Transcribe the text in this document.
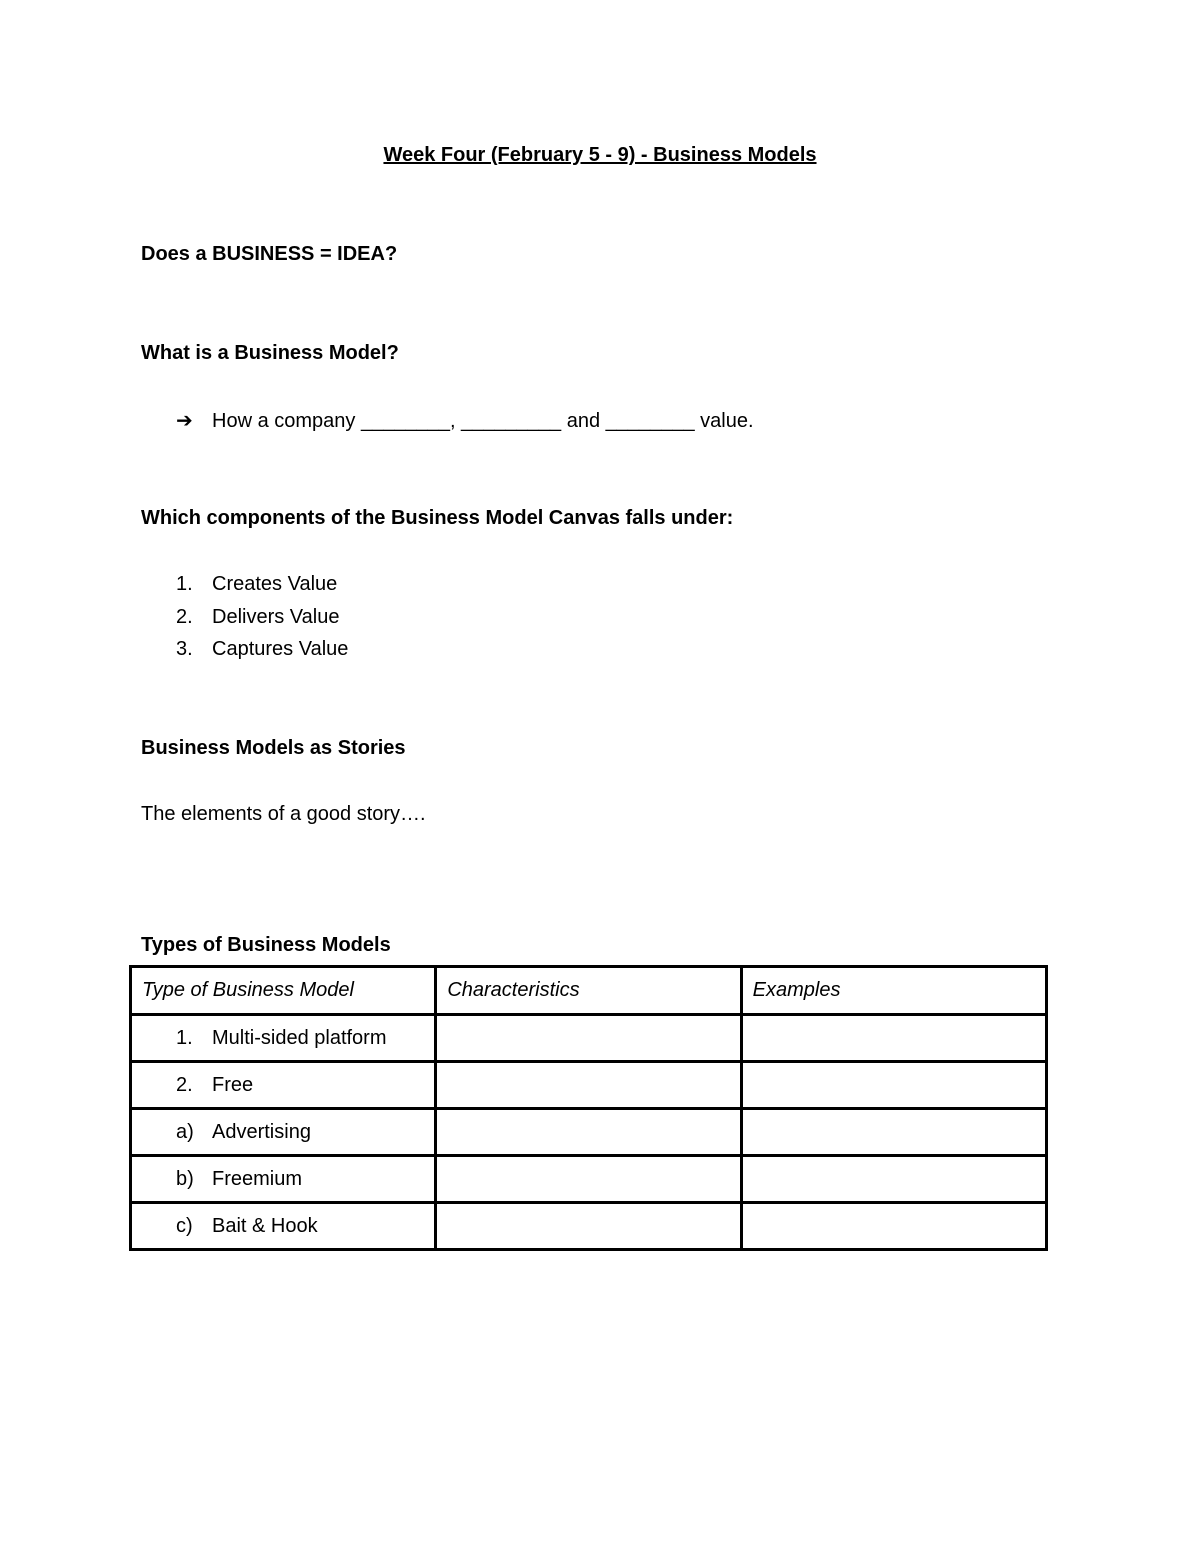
Week Four (February 5 - 9) - Business Models
Does a BUSINESS = IDEA?
What is a Business Model?
➔ How a company ________, _________ and ________ value.
Which components of the Business Model Canvas falls under:
1. Creates Value
2. Delivers Value
3. Captures Value
Business Models as Stories
The elements of a good story….
Types of Business Models
Type of Business Model	Characteristics	Examples
1. Multi-sided platform		
2. Free		
a) Advertising		
b) Freemium		
c) Bait & Hook		
